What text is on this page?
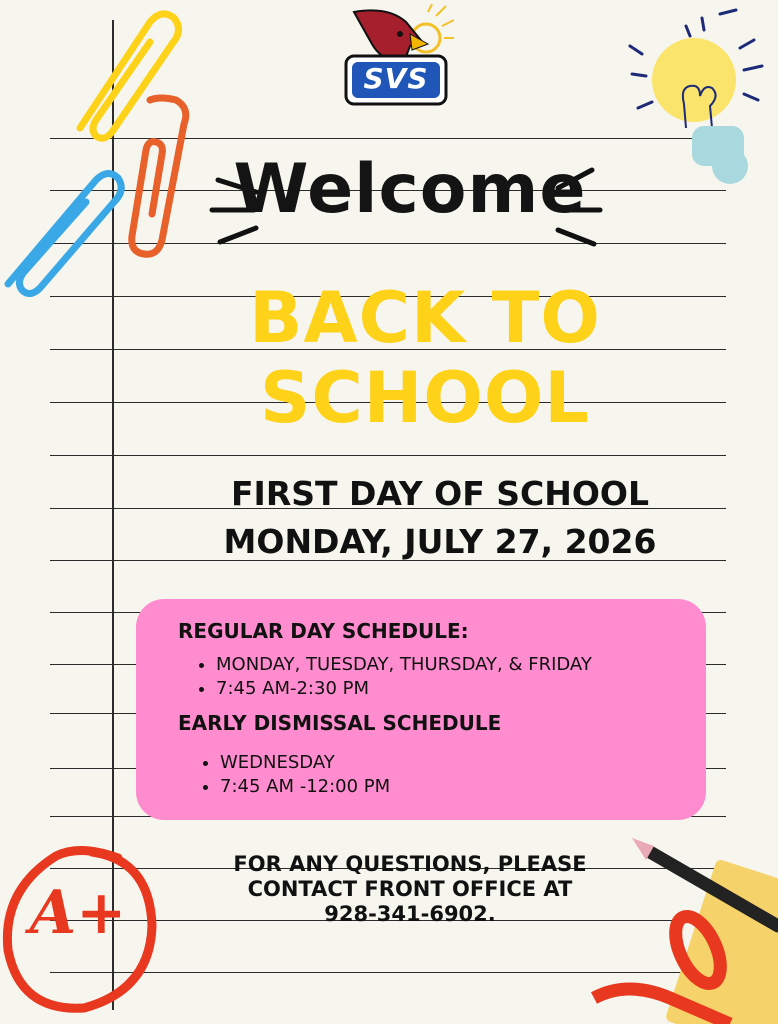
SVS
Welcome
BACK TO
SCHOOL
FIRST DAY OF SCHOOL
MONDAY, JULY 27, 2026
REGULAR DAY SCHEDULE:
• MONDAY, TUESDAY, THURSDAY, & FRIDAY
• 7:45 AM-2:30 PM
EARLY DISMISSAL SCHEDULE
• WEDNESDAY
• 7:45 AM -12:00 PM
FOR ANY QUESTIONS, PLEASE
CONTACT FRONT OFFICE AT
928-341-6902.
A+
